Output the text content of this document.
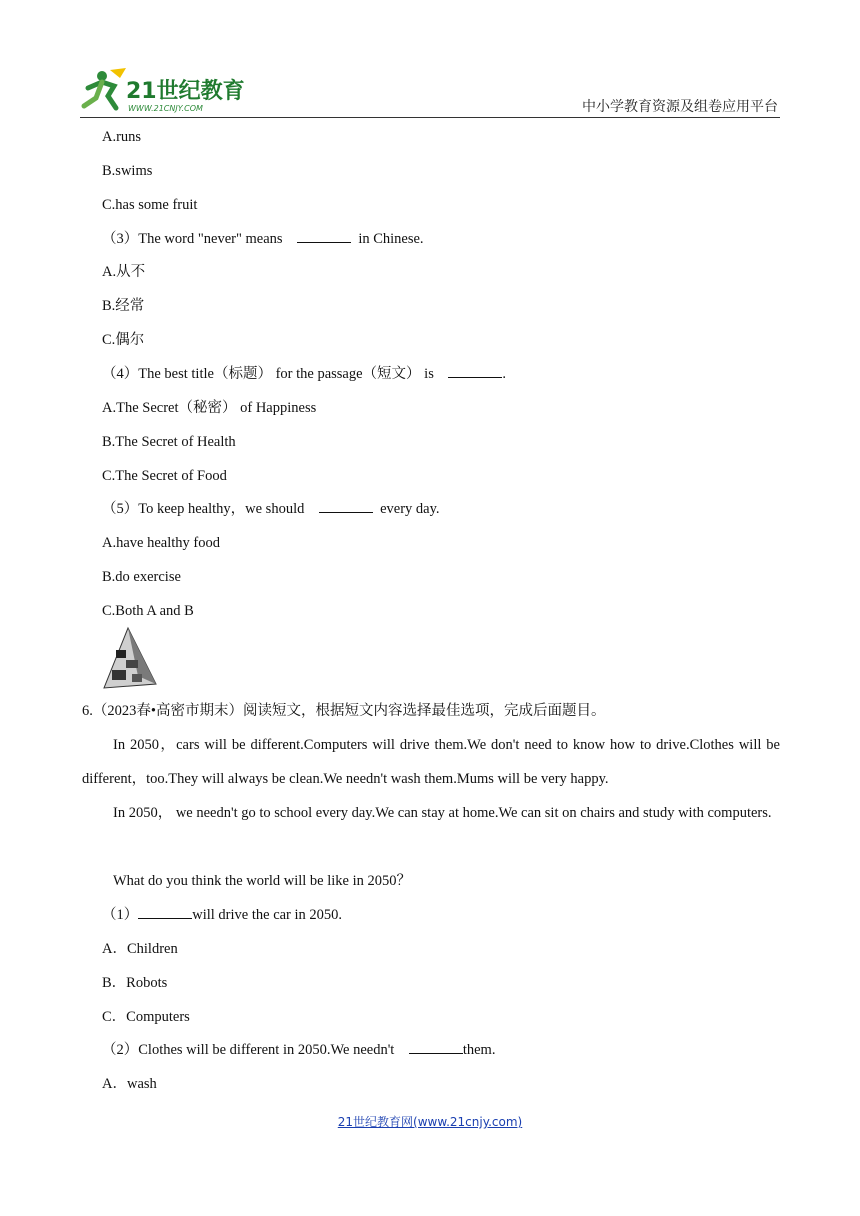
21世纪教育
WWW.21CNJY.COM	中小学教育资源及组卷应用平台
A.runs
B.swims
C.has some fruit
（3）The word "never" means	in Chinese.
A.从不
B.经常
C.偶尔
（4）The best title（标题） for the passage（短文） is	.
A.The Secret（秘密） of Happiness
B.The Secret of Health
C.The Secret of Food
（5）To keep healthy，we should	every day.
A.have healthy food
B.do exercise
C.Both A and B
6.（2023春•高密市期末）阅读短文，根据短文内容选择最佳选项，完成后面题目。
In 2050，cars will be different.Computers will drive them.We don't need to know how to drive.Clothes will be different，too.They will always be clean.We needn't wash them.Mums will be very happy.
In 2050， we needn't go to school every day.We can stay at home.We can sit on chairs and study with computers.
What do you think the world will be like in 2050？
（1）	will drive the car in 2050.
A．Children
B．Robots
C．Computers
（2）Clothes will be different in 2050.We needn't	them.
A．wash
21世纪教育网(www.21cnjy.com)
